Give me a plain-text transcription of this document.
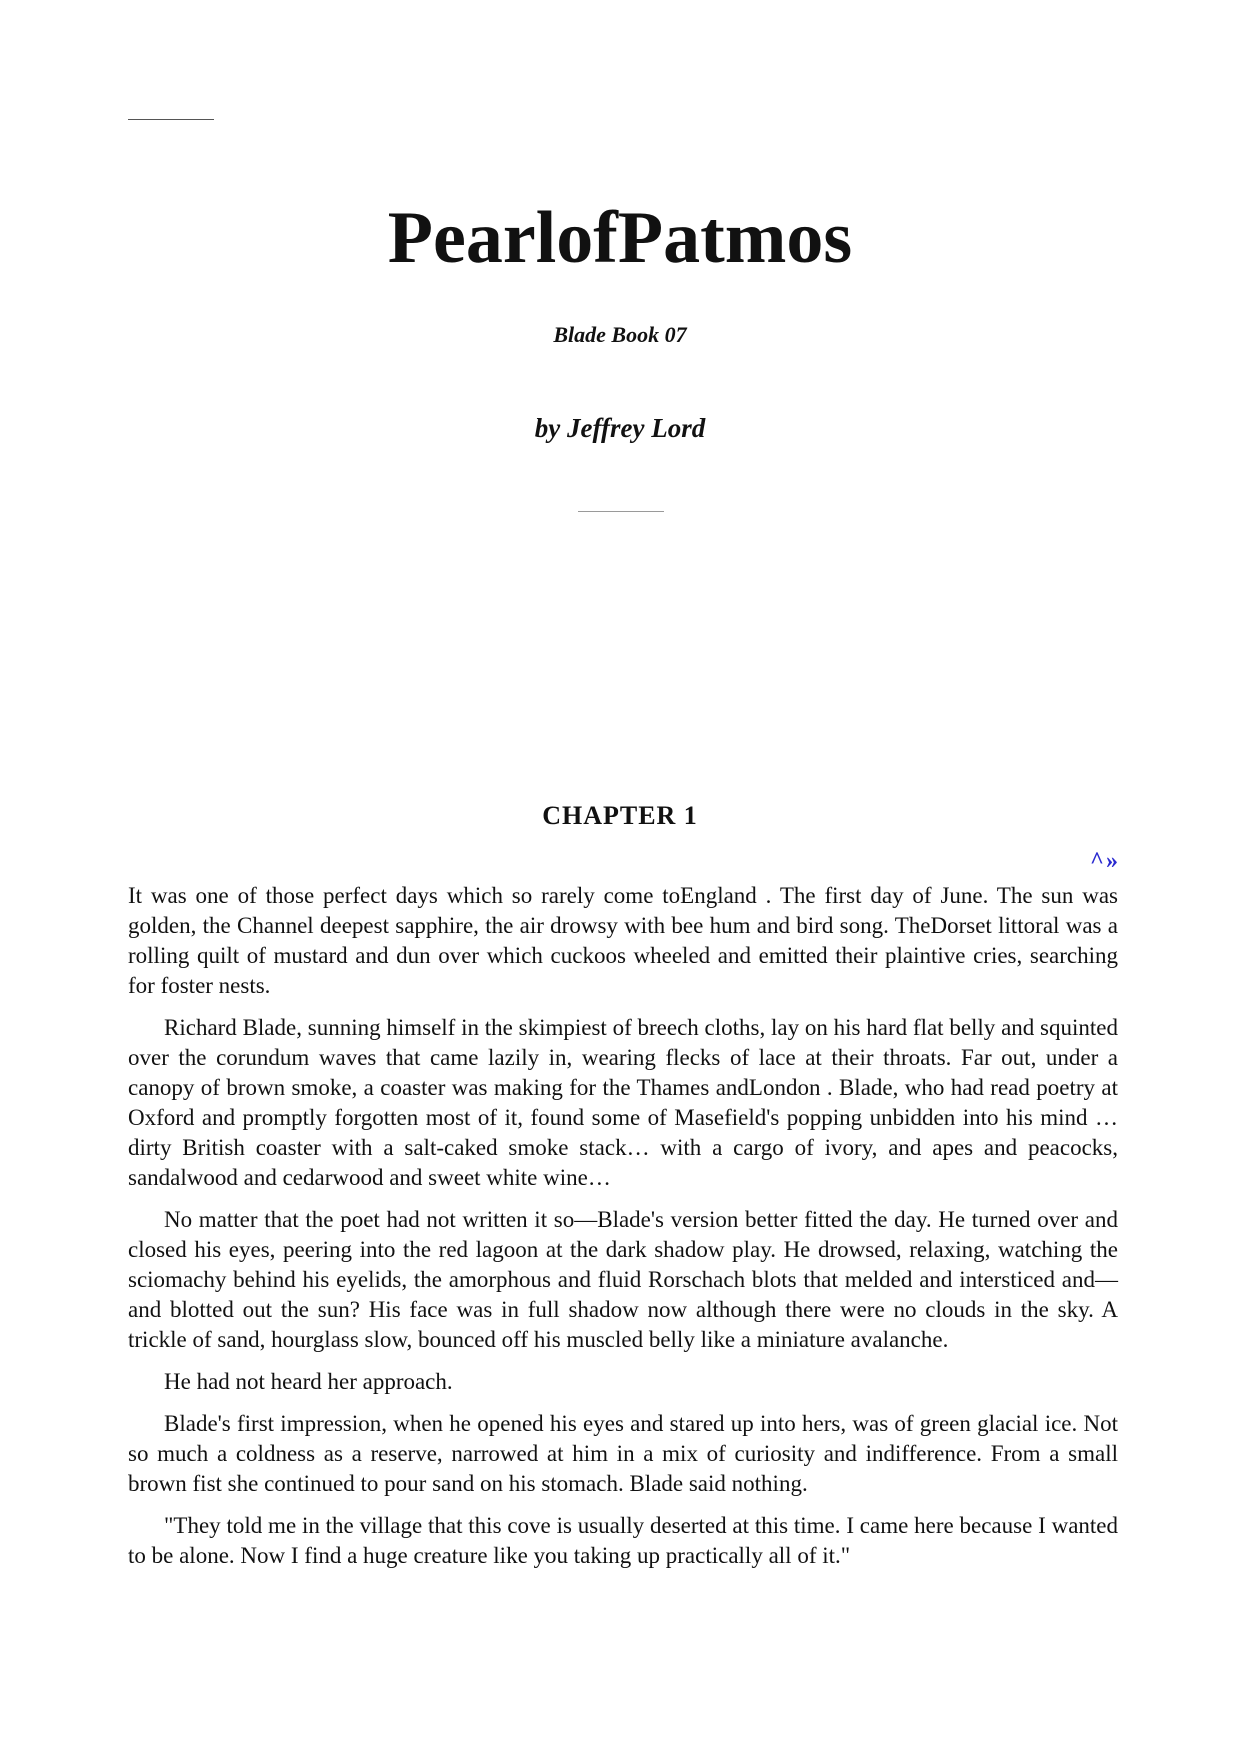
PearlofPatmos

Blade Book 07

by Jeffrey Lord

CHAPTER 1
^ »

It was one of those perfect days which so rarely come toEngland . The first day of June. The sun was golden, the Channel deepest sapphire, the air drowsy with bee hum and bird song. TheDorset littoral was a rolling quilt of mustard and dun over which cuckoos wheeled and emitted their plaintive cries, searching for foster nests.

Richard Blade, sunning himself in the skimpiest of breech cloths, lay on his hard flat belly and squinted over the corundum waves that came lazily in, wearing flecks of lace at their throats. Far out, under a canopy of brown smoke, a coaster was making for the Thames andLondon . Blade, who had read poetry at Oxford and promptly forgotten most of it, found some of Masefield's popping unbidden into his mind … dirty British coaster with a salt-caked smoke stack… with a cargo of ivory, and apes and peacocks, sandalwood and cedarwood and sweet white wine…

No matter that the poet had not written it so—Blade's version better fitted the day. He turned over and closed his eyes, peering into the red lagoon at the dark shadow play. He drowsed, relaxing, watching the sciomachy behind his eyelids, the amorphous and fluid Rorschach blots that melded and intersticed and—and blotted out the sun? His face was in full shadow now although there were no clouds in the sky. A trickle of sand, hourglass slow, bounced off his muscled belly like a miniature avalanche.

He had not heard her approach.

Blade's first impression, when he opened his eyes and stared up into hers, was of green glacial ice. Not so much a coldness as a reserve, narrowed at him in a mix of curiosity and indifference. From a small brown fist she continued to pour sand on his stomach. Blade said nothing.

"They told me in the village that this cove is usually deserted at this time. I came here because I wanted to be alone. Now I find a huge creature like you taking up practically all of it."
